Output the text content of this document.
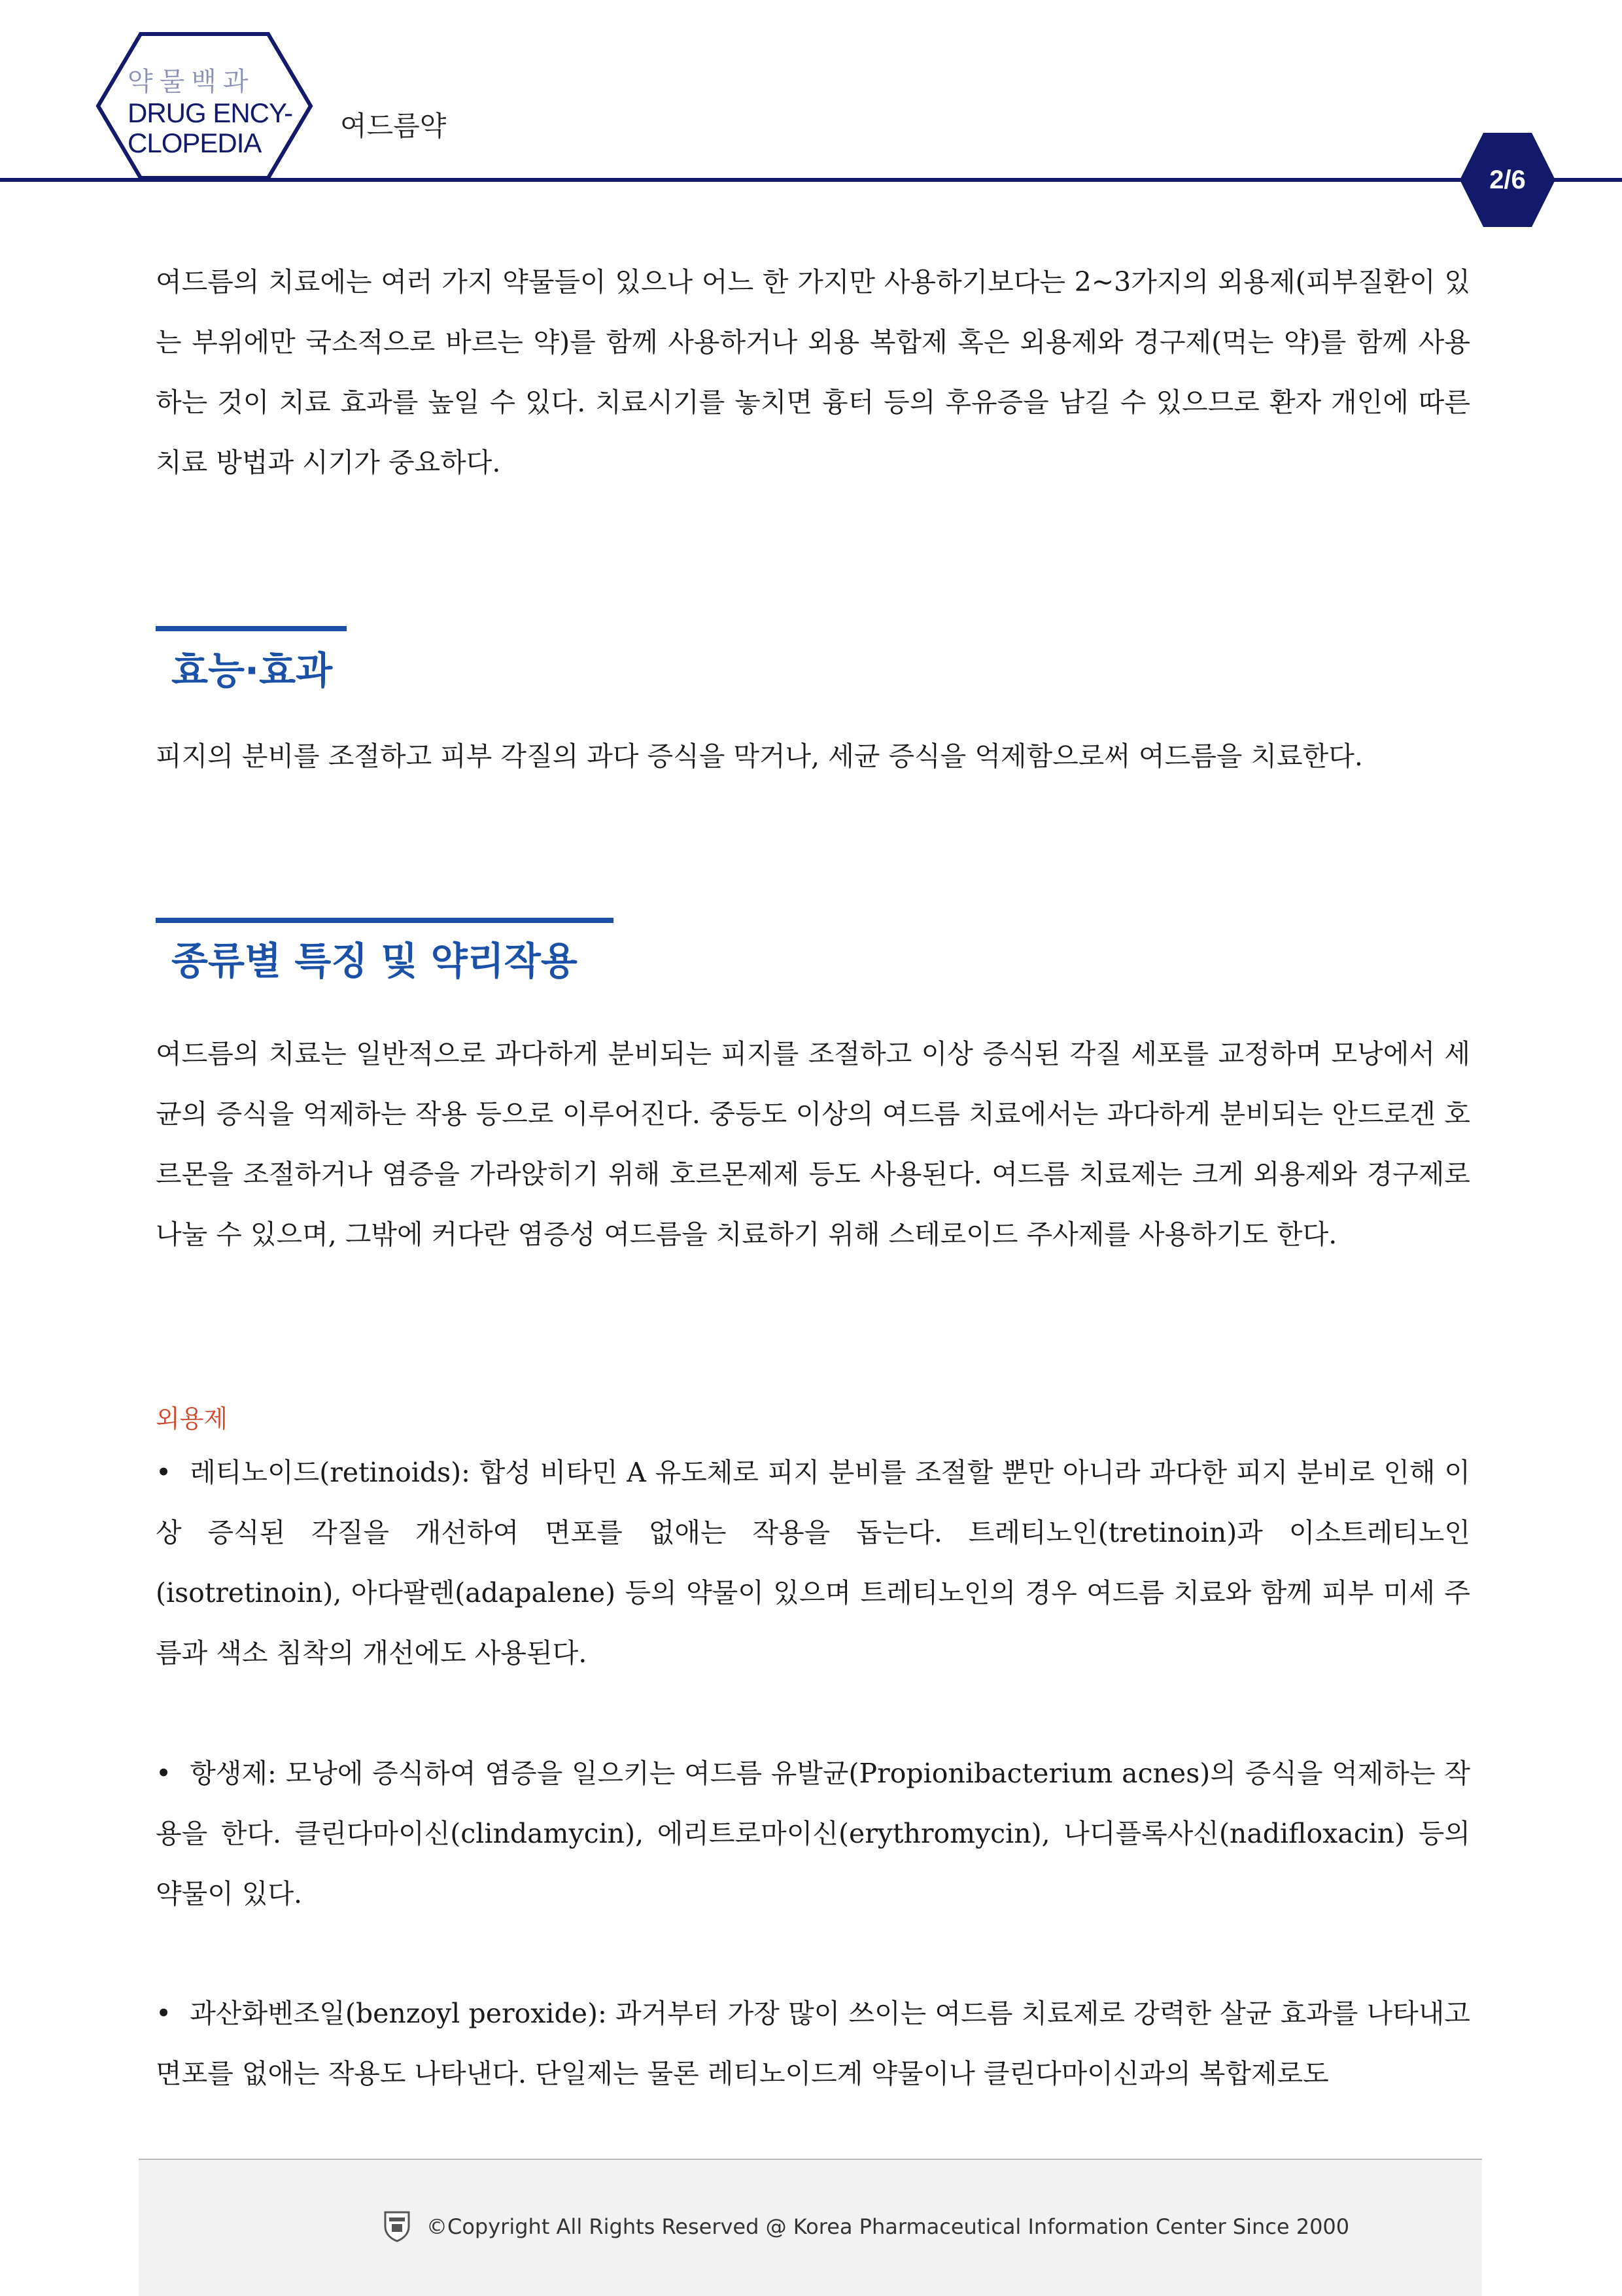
약물백과
DRUG ENCY-
CLOPEDIA
여드름약
2/6

여드름의 치료에는 여러 가지 약물들이 있으나 어느 한 가지만 사용하기보다는 2~3가지의 외용제(피부질환이 있는 부위에만 국소적으로 바르는 약)를 함께 사용하거나 외용 복합제 혹은 외용제와 경구제(먹는 약)를 함께 사용하는 것이 치료 효과를 높일 수 있다. 치료시기를 놓치면 흉터 등의 후유증을 남길 수 있으므로 환자 개인에 따른 치료 방법과 시기가 중요하다.

효능·효과

피지의 분비를 조절하고 피부 각질의 과다 증식을 막거나, 세균 증식을 억제함으로써 여드름을 치료한다.

종류별 특징 및 약리작용

여드름의 치료는 일반적으로 과다하게 분비되는 피지를 조절하고 이상 증식된 각질 세포를 교정하며 모낭에서 세균의 증식을 억제하는 작용 등으로 이루어진다. 중등도 이상의 여드름 치료에서는 과다하게 분비되는 안드로겐 호르몬을 조절하거나 염증을 가라앉히기 위해 호르몬제제 등도 사용된다. 여드름 치료제는 크게 외용제와 경구제로 나눌 수 있으며, 그밖에 커다란 염증성 여드름을 치료하기 위해 스테로이드 주사제를 사용하기도 한다.

외용제

• 레티노이드(retinoids): 합성 비타민 A 유도체로 피지 분비를 조절할 뿐만 아니라 과다한 피지 분비로 인해 이상 증식된 각질을 개선하여 면포를 없애는 작용을 돕는다. 트레티노인(tretinoin)과 이소트레티노인(isotretinoin), 아다팔렌(adapalene) 등의 약물이 있으며 트레티노인의 경우 여드름 치료와 함께 피부 미세 주름과 색소 침착의 개선에도 사용된다.

• 항생제: 모낭에 증식하여 염증을 일으키는 여드름 유발균(Propionibacterium acnes)의 증식을 억제하는 작용을 한다. 클린다마이신(clindamycin), 에리트로마이신(erythromycin), 나디플록사신(nadifloxacin) 등의 약물이 있다.

• 과산화벤조일(benzoyl peroxide): 과거부터 가장 많이 쓰이는 여드름 치료제로 강력한 살균 효과를 나타내고 면포를 없애는 작용도 나타낸다. 단일제는 물론 레티노이드계 약물이나 클린다마이신과의 복합제로도

©Copyright All Rights Reserved @ Korea Pharmaceutical Information Center Since 2000
